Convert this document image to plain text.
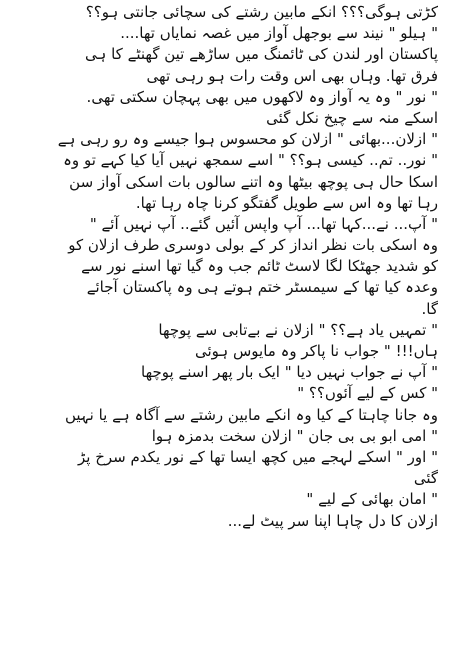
کڑتی ہوگی؟؟؟ انکے مابین رشتے کی سچائی جانتی ہو؟؟
" ہیلو " نیند سے بوجھل آواز میں غصہ نمایاں تھا....
پاکستان اور لندن کی ٹائمنگ میں ساڑھے تین گھنٹے کا ہی
فرق تھا. وہاں بھی اس وقت رات ہو رہی تھی
" نور " وہ یہ آواز وہ لاکھوں میں بھی پہچان سکتی تھی.
اسکے منہ سے چیخ نکل گئی
" ازلان...بھائی " ازلان کو محسوس ہوا جیسے وہ رو رہی ہے
" نور.. تم.. کیسی ہو؟؟ " اسے سمجھ نہیں آیا کیا کہے تو وہ
اسکا حال ہی پوچھ بیٹھا وہ اتنے سالوں بات اسکی آواز سن
رہا تھا وہ اس سے طویل گفتگو کرنا چاہ رہا تھا.
" آپ... نے...کہا تھا... آپ واپس آئیں گئے.. آپ نہیں آئے "
وہ اسکی بات نظر انداز کر کے بولی دوسری طرف ازلان کو
کو شدید جھٹکا لگا لاسٹ ٹائم جب وہ گیا تھا اسنے نور سے
وعدہ کیا تھا کے سیمسٹر ختم ہوتے ہی وہ پاکستان آجائے
گا.
" تمہیں یاد ہے؟؟ " ازلان نے بےتابی سے پوچھا
ہاں!!! " جواب نا پاکر وہ مایوس ہوئی
" آپ نے جواب نہیں دیا " ایک بار پھر اسنے پوچھا
" کس کے لیے آئوں؟؟ "
وہ جانا چاہتا کے کیا وہ انکے مابین رشتے سے آگاہ ہے یا نہیں
" امی ابو بی بی جان " ازلان سخت بدمزہ ہوا
" اور " اسکے لہجے میں کچھ ایسا تھا کے نور یکدم سرخ پڑ
گئی
" امان بھائی کے لیے "
ازلان کا دل چاہا اپنا سر پیٹ لے...
